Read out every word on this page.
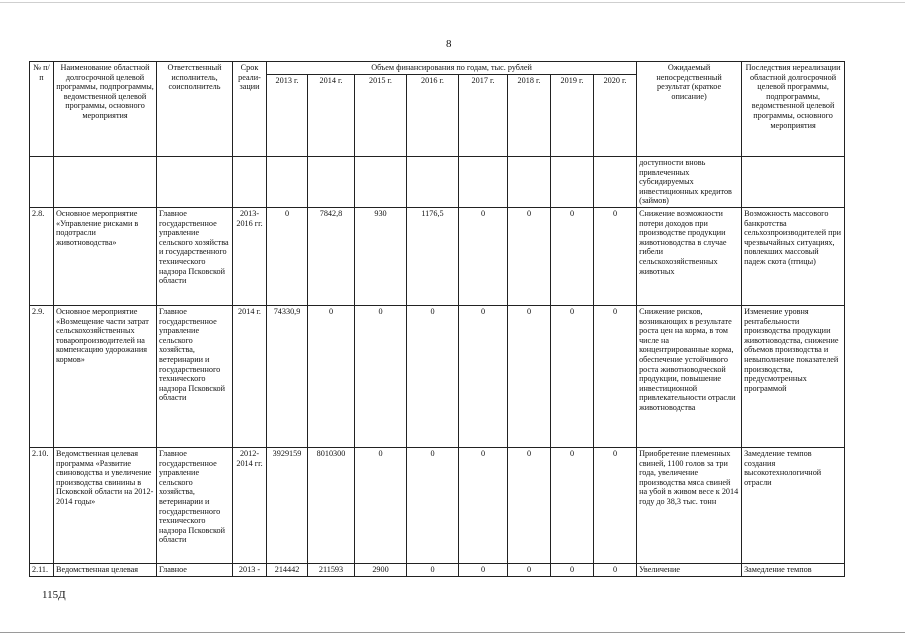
8
№ п/п	Наименование областной долгосрочной целевой программы, подпрограммы, ведомственной целевой программы, основного мероприятия	Ответственный исполнитель, соисполнитель	Срок реали-зации	Объем финансирования по годам, тыс. рублей								Ожидаемый непосредственный результат (краткое описание)	Последствия нереализации областной долгосрочной целевой программы, подпрограммы, ведомственной целевой программы, основного мероприятия
				2013 г.	2014 г.	2015 г.	2016 г.	2017 г.	2018 г.	2019 г.	2020 г.		
												доступности вновь привлеченных субсидируемых инвестиционных кредитов (займов)	
2.8.	Основное мероприятие «Управление рисками в подотрасли животноводства»	Главное государственное управление сельского хозяйства и государственного технического надзора Псковской области	2013-2016 гг.	0	7842,8	930	1176,5	0	0	0	0	Снижение возможности потери доходов при производстве продукции животноводства в случае гибели сельскохозяйственных животных	Возможность массового банкротства сельхозпроизводителей при чрезвычайных ситуациях, повлекших массовый падеж скота (птицы)
2.9.	Основное мероприятие «Возмещение части затрат сельскохозяйственных товаропроизводителей на компенсацию удорожания кормов»	Главное государственное управление сельского хозяйства, ветеринарии и государственного технического надзора Псковской области	2014 г.	74330,9	0	0	0	0	0	0	0	Снижение рисков, возникающих в результате роста цен на корма, в том числе на концентрированные корма, обеспечение устойчивого роста животноводческой продукции, повышение инвестиционной привлекательности отрасли животноводства	Изменение уровня рентабельности производства продукции животноводства, снижение объемов производства и невыполнение показателей производства, предусмотренных программой
2.10.	Ведомственная целевая программа «Развитие свиноводства и увеличение производства свинины в Псковской области на 2012-2014 годы»	Главное государственное управление сельского хозяйства, ветеринарии и государственного технического надзора Псковской области	2012-2014 гг.	3929159	8010300	0	0	0	0	0	0	Приобретение племенных свиней, 1100 голов за три года, увеличение производства мяса свиней на убой в живом весе к 2014 году до 38,3 тыс. тонн	Замедление темпов создания высокотехнологичной отрасли
2.11.	Ведомственная целевая	Главное	2013 -	214442	211593	2900	0	0	0	0	0	Увеличение	Замедление темпов
115Д
